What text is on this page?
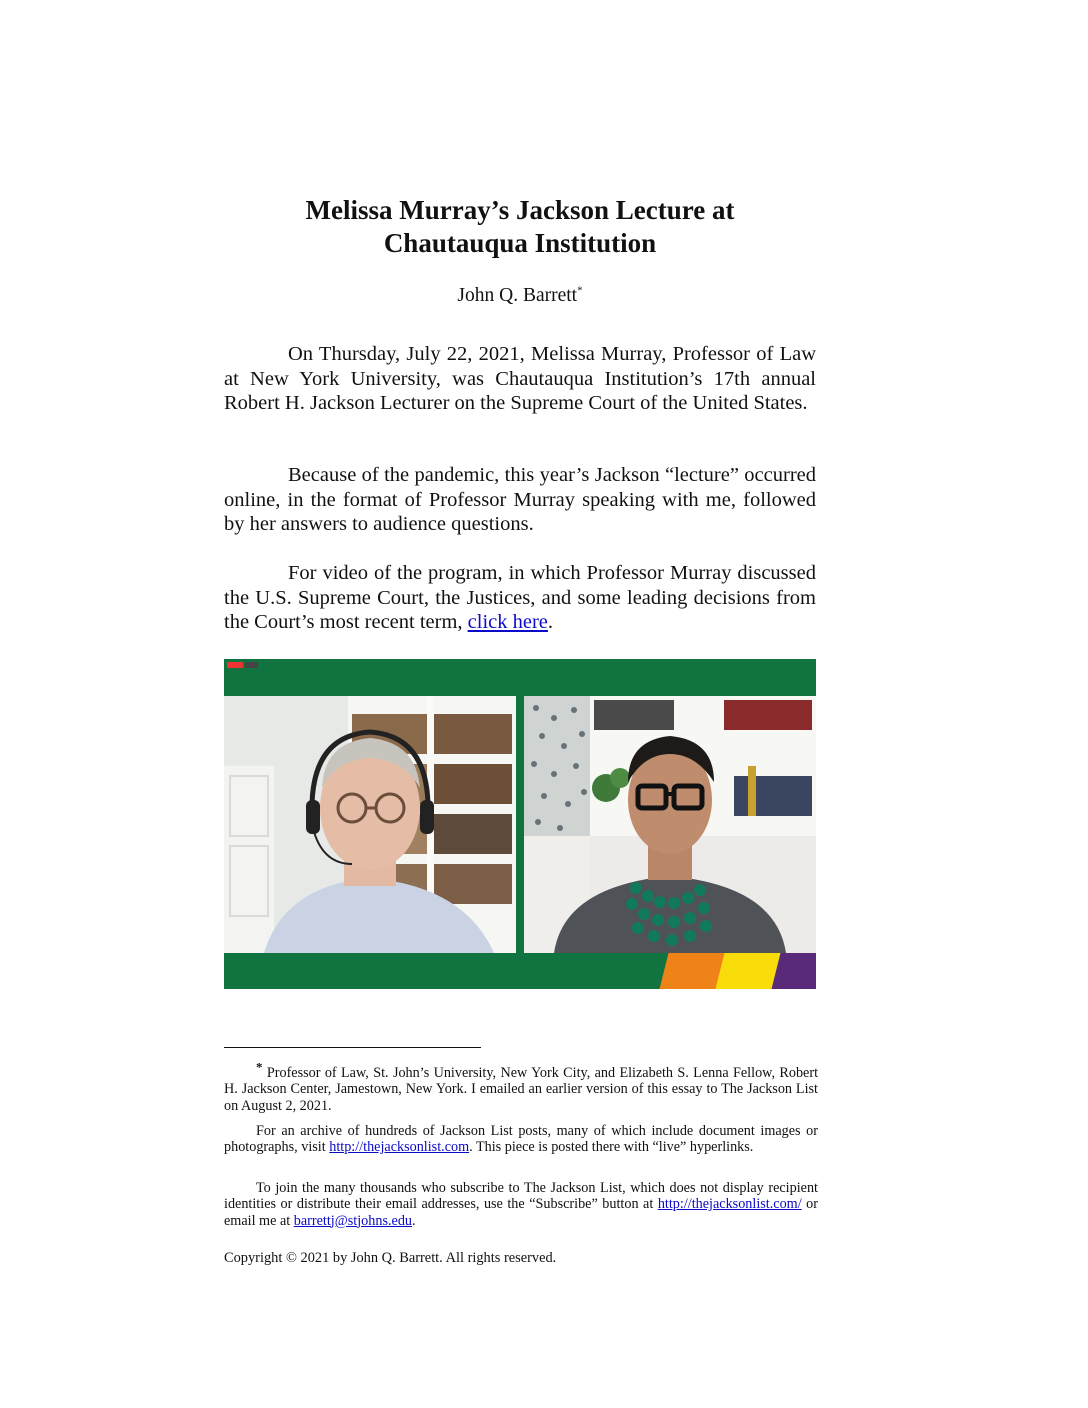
Melissa Murray’s Jackson Lecture at
Chautauqua Institution
John Q. Barrett*

On Thursday, July 22, 2021, Melissa Murray, Professor of Law at New York University, was Chautauqua Institution’s 17th annual Robert H. Jackson Lecturer on the Supreme Court of the United States.

Because of the pandemic, this year’s Jackson “lecture” occurred online, in the format of Professor Murray speaking with me, followed by her answers to audience questions.

For video of the program, in which Professor Murray discussed the U.S. Supreme Court, the Justices, and some leading decisions from the Court’s most recent term, click here.

* Professor of Law, St. John’s University, New York City, and Elizabeth S. Lenna Fellow, Robert H. Jackson Center, Jamestown, New York. I emailed an earlier version of this essay to The Jackson List on August 2, 2021.

For an archive of hundreds of Jackson List posts, many of which include document images or photographs, visit http://thejacksonlist.com. This piece is posted there with “live” hyperlinks.

To join the many thousands who subscribe to The Jackson List, which does not display recipient identities or distribute their email addresses, use the “Subscribe” button at http://thejacksonlist.com/ or email me at barrettj@stjohns.edu.

Copyright © 2021 by John Q. Barrett. All rights reserved.
